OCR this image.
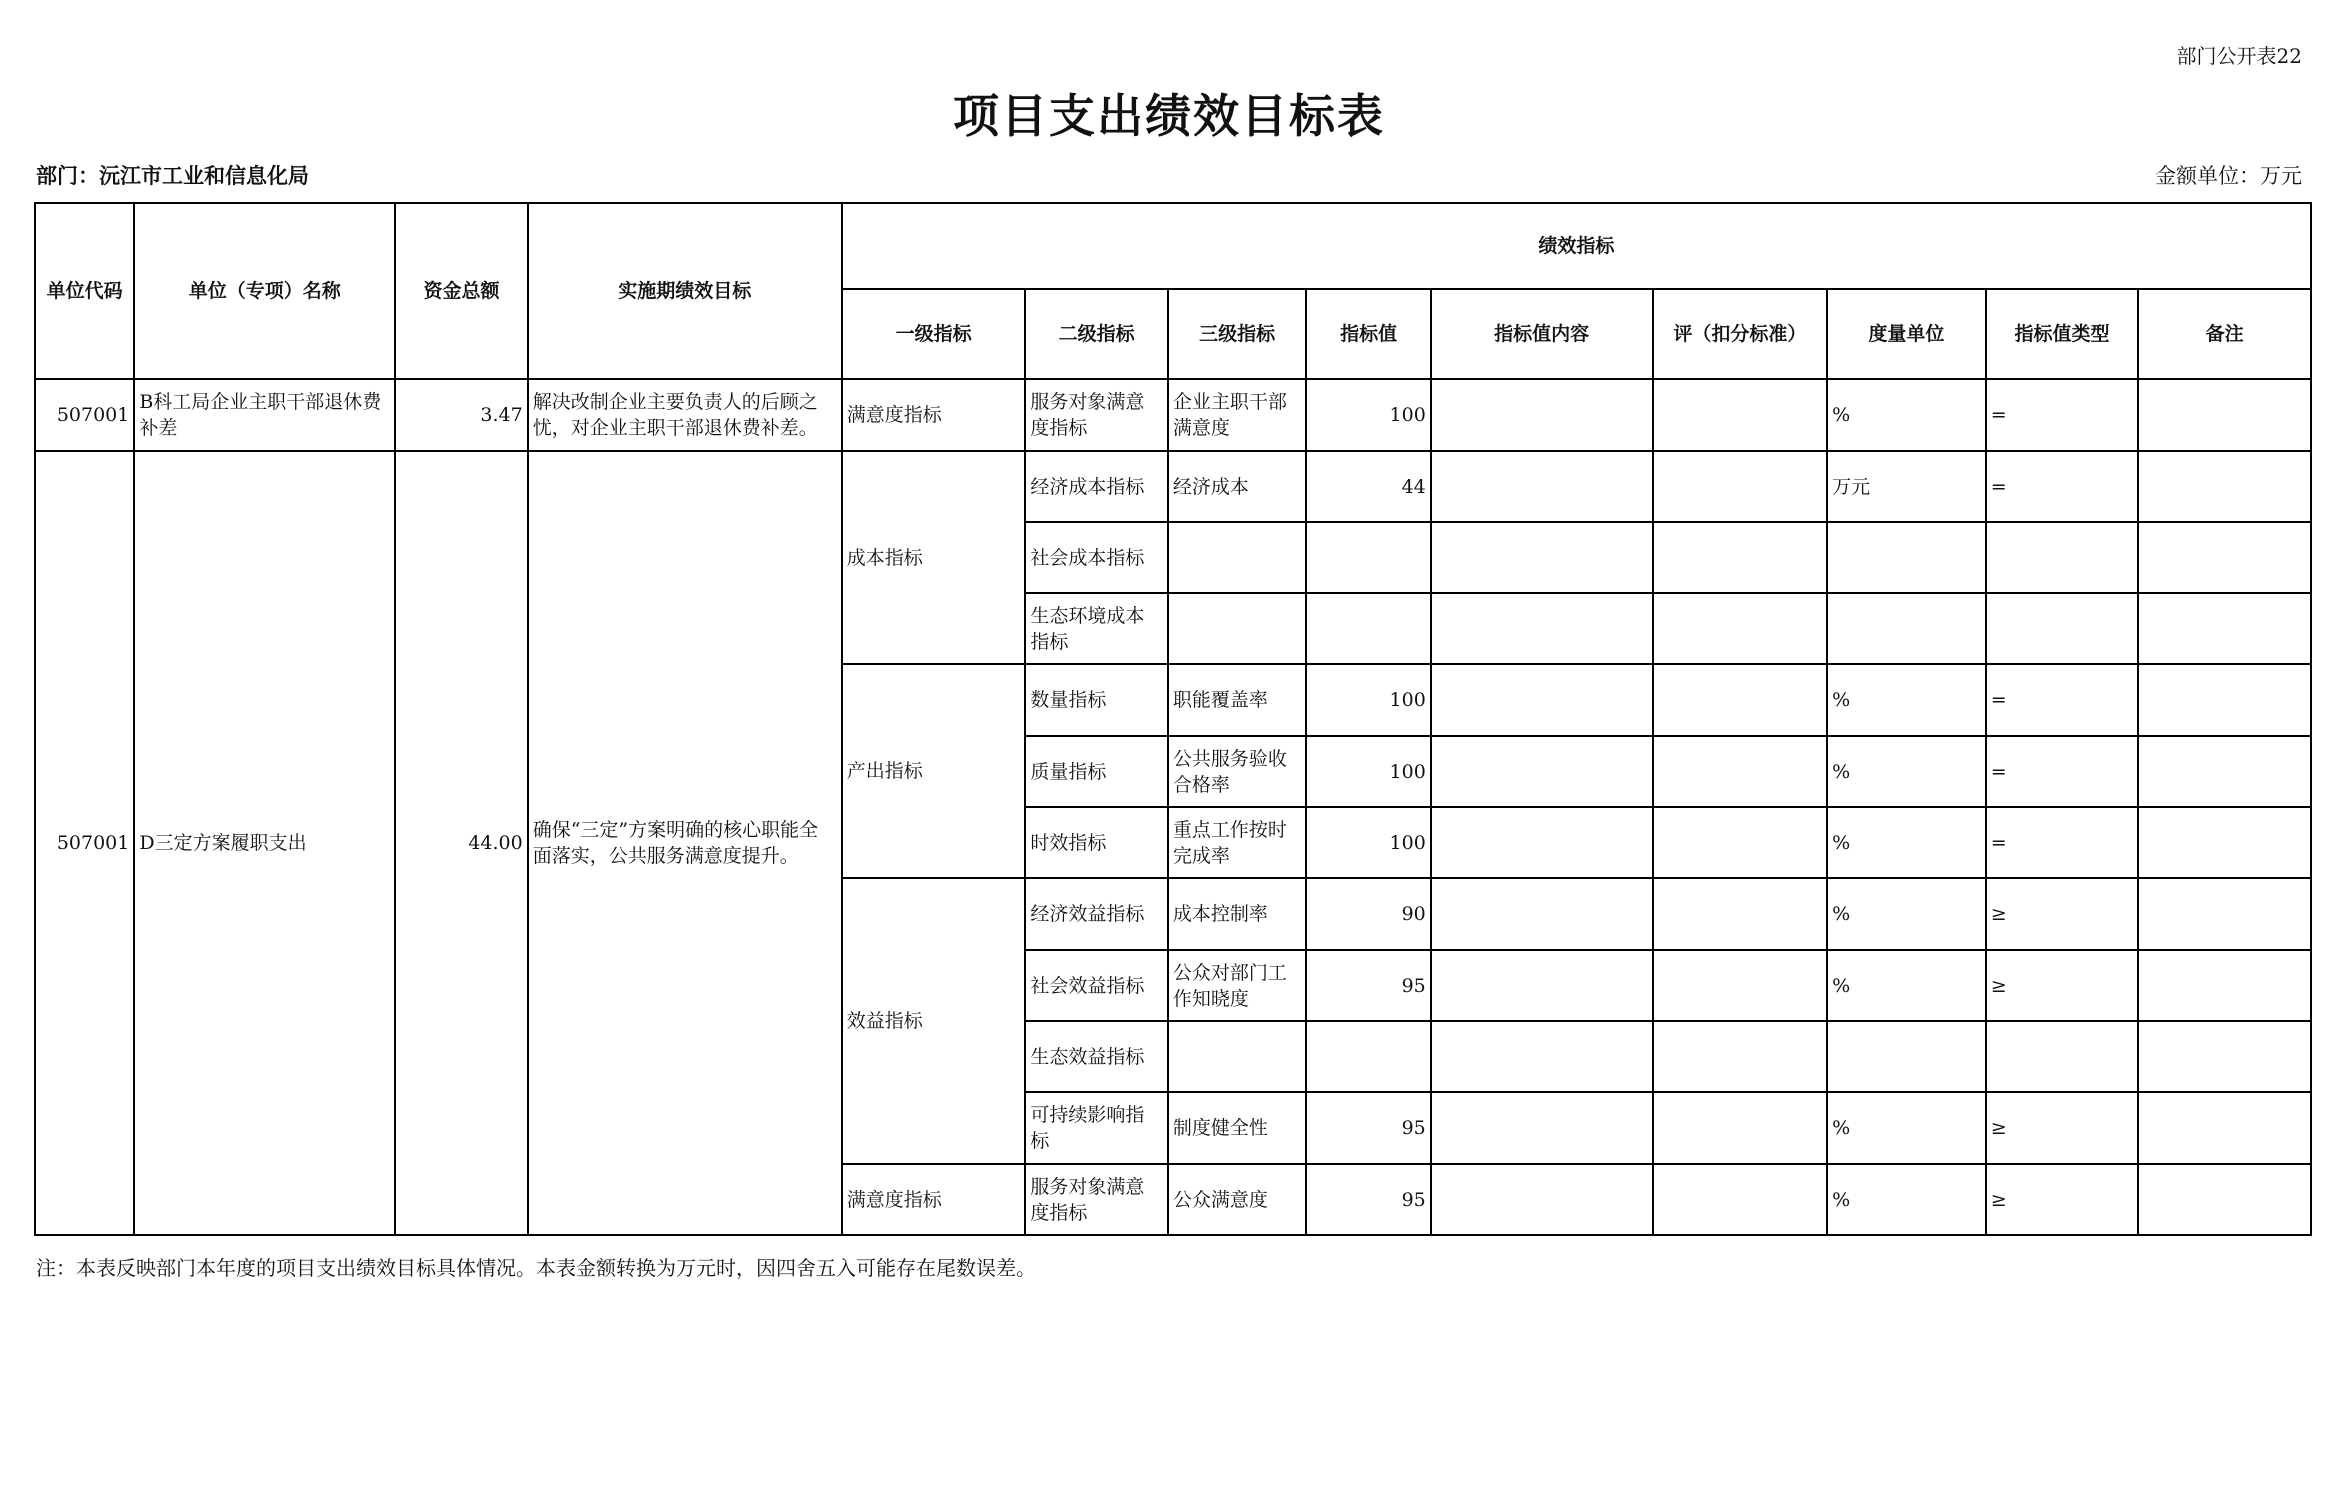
部门公开表22
项目支出绩效目标表
部门：沅江市工业和信息化局	金额单位：万元
单位代码	单位（专项）名称	资金总额	实施期绩效目标	绩效指标								
				一级指标	二级指标	三级指标	指标值	指标值内容	评（扣分标准）	度量单位	指标值类型	备注
507001	B科工局企业主职干部退休费补差	3.47	解决改制企业主要负责人的后顾之忧，对企业主职干部退休费补差。	满意度指标	服务对象满意度指标	企业主职干部满意度	100			%	=	
507001	D三定方案履职支出	44.00	确保“三定”方案明确的核心职能全面落实，公共服务满意度提升。	成本指标	经济成本指标	经济成本	44			万元	=	
					社会成本指标							
					生态环境成本指标							
				产出指标	数量指标	职能覆盖率	100			%	=	
					质量指标	公共服务验收合格率	100			%	=	
					时效指标	重点工作按时完成率	100			%	=	
				效益指标	经济效益指标	成本控制率	90			%	≥	
					社会效益指标	公众对部门工作知晓度	95			%	≥	
					生态效益指标							
					可持续影响指标	制度健全性	95			%	≥	
				满意度指标	服务对象满意度指标	公众满意度	95			%	≥	
注：本表反映部门本年度的项目支出绩效目标具体情况。本表金额转换为万元时，因四舍五入可能存在尾数误差。
